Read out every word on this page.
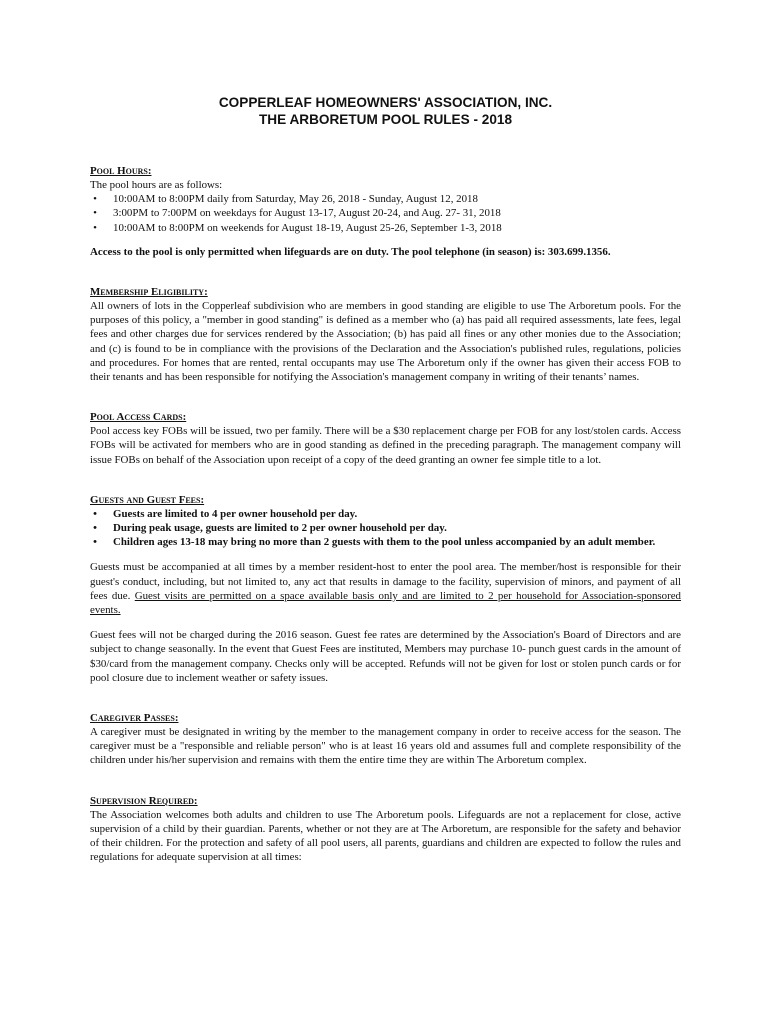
COPPERLEAF HOMEOWNERS' ASSOCIATION, INC.
THE ARBORETUM POOL RULES - 2018
Pool Hours:

The pool hours are as follows:

• 10:00AM to 8:00PM daily from Saturday, May 26, 2018 - Sunday, August 12, 2018
• 3:00PM to 7:00PM on weekdays for August 13-17, August 20-24, and Aug. 27- 31, 2018
• 10:00AM to 8:00PM on weekends for August 18-19, August 25-26, September 1-3, 2018

Access to the pool is only permitted when lifeguards are on duty. The pool telephone (in season) is: 303.699.1356.

Membership Eligibility:

All owners of lots in the Copperleaf subdivision who are members in good standing are eligible to use The Arboretum pools. For the purposes of this policy, a "member in good standing" is defined as a member who (a) has paid all required assessments, late fees, legal fees and other charges due for services rendered by the Association; (b) has paid all fines or any other monies due to the Association; and (c) is found to be in compliance with the provisions of the Declaration and the Association's published rules, regulations, policies and procedures. For homes that are rented, rental occupants may use The Arboretum only if the owner has given their access FOB to their tenants and has been responsible for notifying the Association's management company in writing of their tenants’ names.

Pool Access Cards:

Pool access key FOBs will be issued, two per family. There will be a $30 replacement charge per FOB for any lost/stolen cards. Access FOBs will be activated for members who are in good standing as defined in the preceding paragraph. The management company will issue FOBs on behalf of the Association upon receipt of a copy of the deed granting an owner fee simple title to a lot.

Guests and Guest Fees:
• Guests are limited to 4 per owner household per day.
• During peak usage, guests are limited to 2 per owner household per day.
• Children ages 13-18 may bring no more than 2 guests with them to the pool unless accompanied by an adult member.

Guests must be accompanied at all times by a member resident-host to enter the pool area. The member/host is responsible for their guest's conduct, including, but not limited to, any act that results in damage to the facility, supervision of minors, and payment of all fees due. Guest visits are permitted on a space available basis only and are limited to 2 per household for Association-sponsored events.

Guest fees will not be charged during the 2016 season. Guest fee rates are determined by the Association's Board of Directors and are subject to change seasonally. In the event that Guest Fees are instituted, Members may purchase 10- punch guest cards in the amount of $30/card from the management company. Checks only will be accepted. Refunds will not be given for lost or stolen punch cards or for pool closure due to inclement weather or safety issues.

Caregiver Passes:

A caregiver must be designated in writing by the member to the management company in order to receive access for the season. The caregiver must be a "responsible and reliable person" who is at least 16 years old and assumes full and complete responsibility of the children under his/her supervision and remains with them the entire time they are within The Arboretum complex.

Supervision Required:

The Association welcomes both adults and children to use The Arboretum pools. Lifeguards are not a replacement for close, active supervision of a child by their guardian. Parents, whether or not they are at The Arboretum, are responsible for the safety and behavior of their children. For the protection and safety of all pool users, all parents, guardians and children are expected to follow the rules and regulations for adequate supervision at all times:
